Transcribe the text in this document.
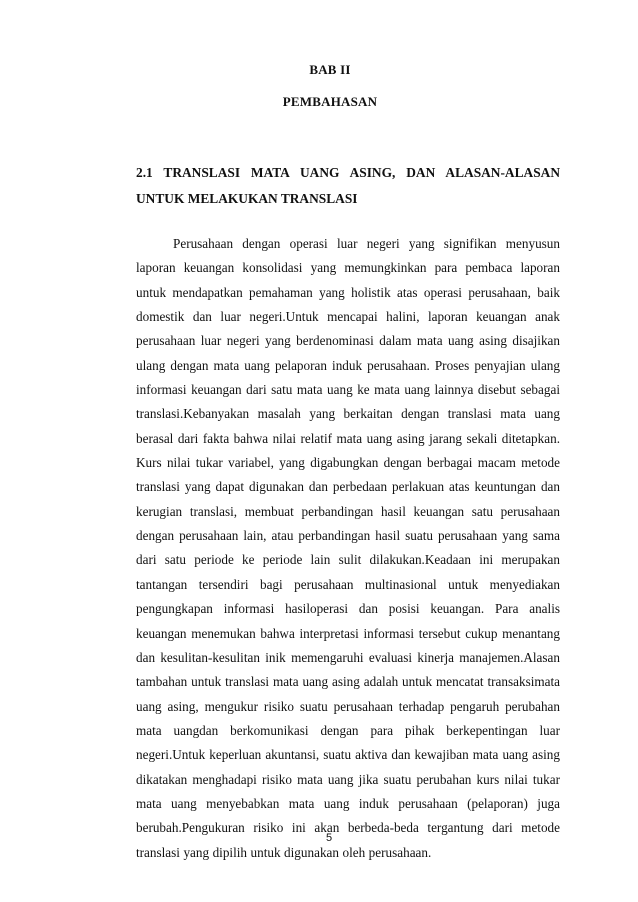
BAB II
PEMBAHASAN
2.1 TRANSLASI MATA UANG ASING, DAN ALASAN-ALASAN UNTUK MELAKUKAN TRANSLASI

Perusahaan dengan operasi luar negeri yang signifikan menyusun laporan keuangan konsolidasi yang memungkinkan para pembaca laporan untuk mendapatkan pemahaman yang holistik atas operasi perusahaan, baik domestik dan luar negeri.Untuk mencapai halini, laporan keuangan anak perusahaan luar negeri yang berdenominasi dalam mata uang asing disajikan ulang dengan mata uang pelaporan induk perusahaan. Proses penyajian ulang informasi keuangan dari satu mata uang ke mata uang lainnya disebut sebagai translasi.Kebanyakan masalah yang berkaitan dengan translasi mata uang berasal dari fakta bahwa nilai relatif mata uang asing jarang sekali ditetapkan. Kurs nilai tukar variabel, yang digabungkan dengan berbagai macam metode translasi yang dapat digunakan dan perbedaan perlakuan atas keuntungan dan kerugian translasi, membuat perbandingan hasil keuangan satu perusahaan dengan perusahaan lain, atau perbandingan hasil suatu perusahaan yang sama dari satu periode ke periode lain sulit dilakukan.Keadaan ini merupakan tantangan tersendiri bagi perusahaan multinasional untuk menyediakan pengungkapan informasi hasiloperasi dan posisi keuangan. Para analis keuangan menemukan bahwa interpretasi informasi tersebut cukup menantang dan kesulitan-kesulitan inik memengaruhi evaluasi kinerja manajemen.Alasan tambahan untuk translasi mata uang asing adalah untuk mencatat transaksimata uang asing, mengukur risiko suatu perusahaan terhadap pengaruh perubahan mata uangdan berkomunikasi dengan para pihak berkepentingan luar negeri.Untuk keperluan akuntansi, suatu aktiva dan kewajiban mata uang asing dikatakan menghadapi risiko mata uang jika suatu perubahan kurs nilai tukar mata uang menyebabkan mata uang induk perusahaan (pelaporan) juga berubah.Pengukuran risiko ini akan berbeda-beda tergantung dari metode translasi yang dipilih untuk digunakan oleh perusahaan.

5
